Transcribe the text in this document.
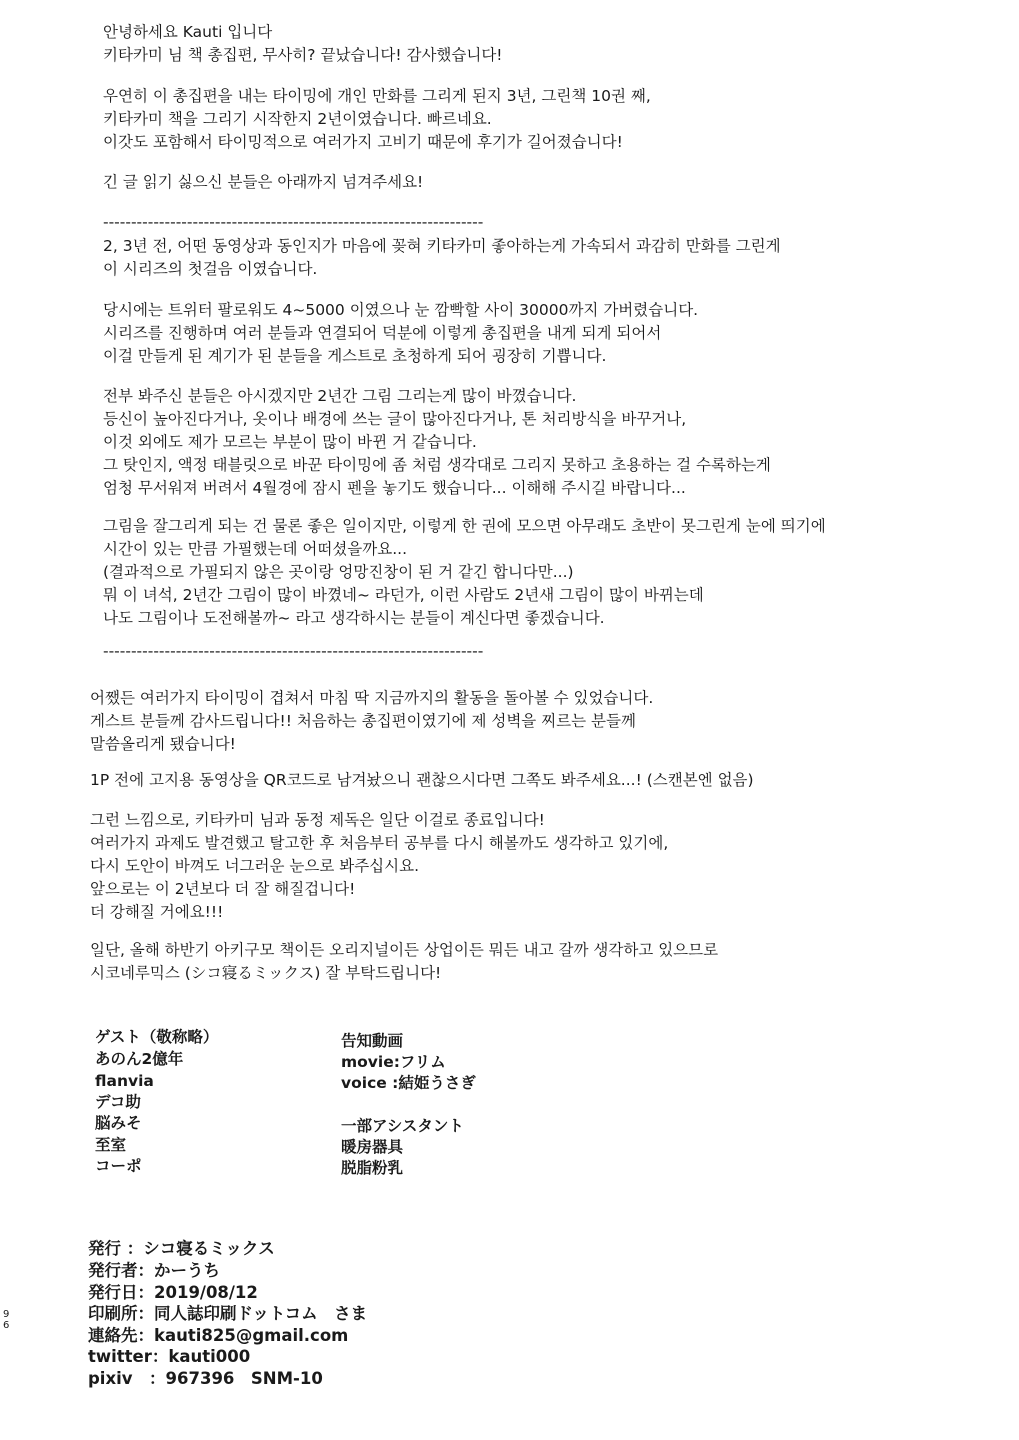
안녕하세요 Kauti 입니다
키타카미 님 책 총집편, 무사히? 끝났습니다! 감사했습니다!
우연히 이 총집편을 내는 타이밍에 개인 만화를 그리게 된지 3년, 그린책 10권 째,
키타카미 책을 그리기 시작한지 2년이였습니다. 빠르네요.
이갓도 포함해서 타이밍적으로 여러가지 고비기 때문에 후기가 길어졌습니다!
긴 글 읽기 싫으신 분들은 아래까지 넘겨주세요!
--------------------------------------------------------------------
2, 3년 전, 어떤 동영상과 동인지가 마음에 꽂혀 키타카미 좋아하는게 가속되서 과감히 만화를 그린게
이 시리즈의 첫걸음 이였습니다.
당시에는 트위터 팔로워도 4~5000 이였으나 눈 깜빡할 사이 30000까지 가버렸습니다.
시리즈를 진행하며 여러 분들과 연결되어 덕분에 이렇게 총집편을 내게 되게 되어서
이걸 만들게 된 계기가 된 분들을 게스트로 초청하게 되어 굉장히 기쁩니다.
전부 봐주신 분들은 아시겠지만 2년간 그림 그리는게 많이 바꼈습니다.
등신이 높아진다거나, 옷이나 배경에 쓰는 글이 많아진다거나, 톤 처리방식을 바꾸거나,
이것 외에도 제가 모르는 부분이 많이 바뀐 거 같습니다.
그 탓인지, 액정 태블릿으로 바꾼 타이밍에 좀 처럼 생각대로 그리지 못하고 초용하는 걸 수록하는게
엄청 무서워져 버려서 4월경에 잠시 펜을 놓기도 했습니다... 이해해 주시길 바랍니다...
그림을 잘그리게 되는 건 물론 좋은 일이지만, 이렇게 한 권에 모으면 아무래도 초반이 못그린게 눈에 띄기에
시간이 있는 만큼 가필했는데 어떠셨을까요...
(결과적으로 가필되지 않은 곳이랑 엉망진창이 된 거 같긴 합니다만...)
뭐 이 녀석, 2년간 그림이 많이 바꼈네~ 라던가, 이런 사람도 2년새 그림이 많이 바뀌는데
나도 그림이나 도전해볼까~ 라고 생각하시는 분들이 계신다면 좋겠습니다.
--------------------------------------------------------------------
어쨌든 여러가지 타이밍이 겹쳐서 마침 딱 지금까지의 활동을 돌아볼 수 있었습니다.
게스트 분들께 감사드립니다!! 처음하는 총집편이였기에 제 성벽을 찌르는 분들께
말씀올리게 됐습니다!
1P 전에 고지용 동영상을 QR코드로 남겨놨으니 괜찮으시다면 그쪽도 봐주세요...! (스캔본엔 없음)
그런 느낌으로, 키타카미 님과 동정 제독은 일단 이걸로 종료입니다!
여러가지 과제도 발견했고 탈고한 후 처음부터 공부를 다시 해볼까도 생각하고 있기에,
다시 도안이 바껴도 너그러운 눈으로 봐주십시요.
앞으로는 이 2년보다 더 잘 해질겁니다!
더 강해질 거에요!!!
일단, 올해 하반기 아키구모 책이든 오리지널이든 상업이든 뭐든 내고 갈까 생각하고 있으므로
시코네루믹스 (シコ寝るミックス) 잘 부탁드립니다!
ゲスト（敬称略）
あのん2億年
flanvia
デコ助
脳みそ
至室
コーポ
告知動画
movie:フリム
voice :結姫うさぎ
一部アシスタント
暖房器具
脱脂粉乳
発行 ：シコ寝るミックス
発行者：かーうち
発行日：2019/08/12
印刷所：同人誌印刷ドットコム　さま
連絡先：kauti825@gmail.com
twitter：kauti000
pixiv　：967396　SNM-10
9
6
